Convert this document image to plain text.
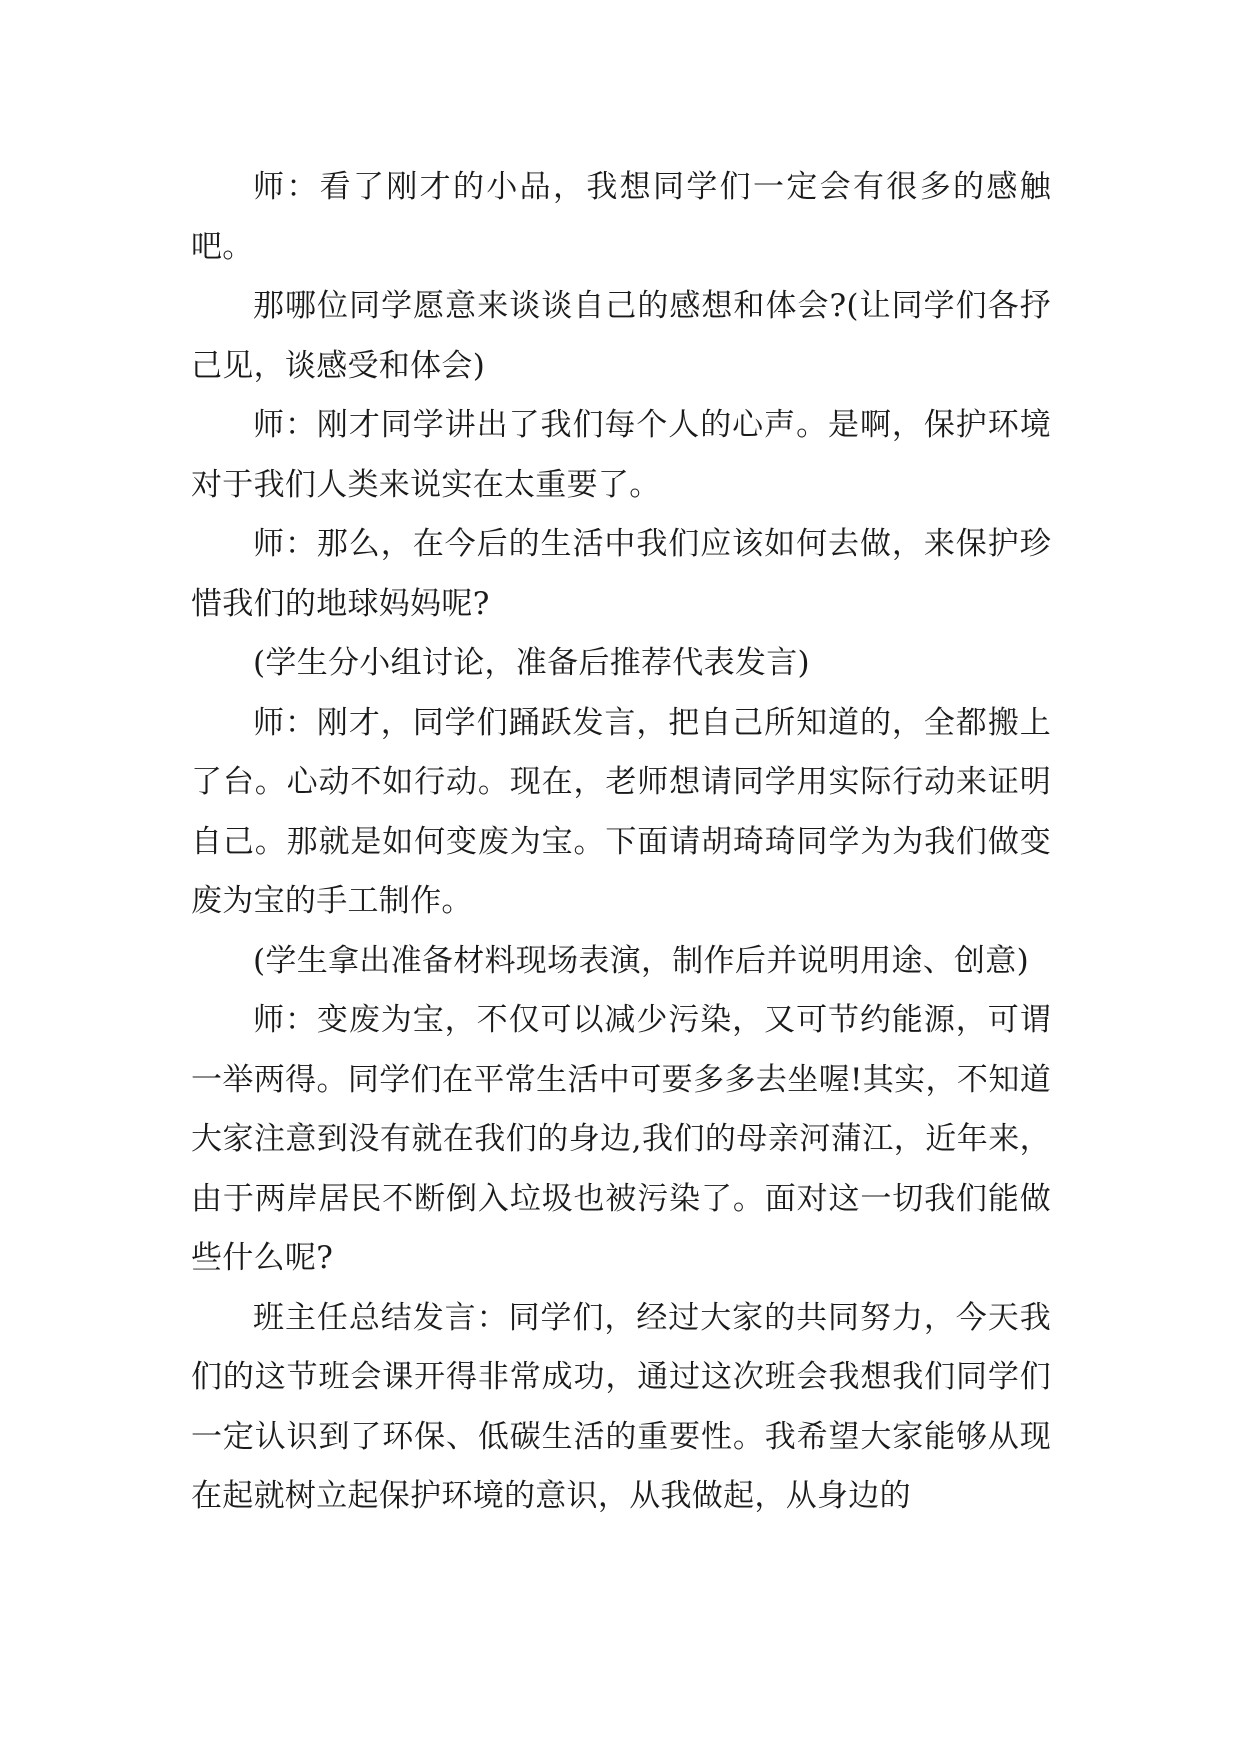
师：看了刚才的小品，我想同学们一定会有很多的感触吧。

那哪位同学愿意来谈谈自己的感想和体会?(让同学们各抒己见，谈感受和体会)

师：刚才同学讲出了我们每个人的心声。是啊，保护环境对于我们人类来说实在太重要了。

师：那么，在今后的生活中我们应该如何去做，来保护珍惜我们的地球妈妈呢?

(学生分小组讨论，准备后推荐代表发言)

师：刚才，同学们踊跃发言，把自己所知道的，全都搬上了台。心动不如行动。现在，老师想请同学用实际行动来证明自己。那就是如何变废为宝。下面请胡琦琦同学为为我们做变废为宝的手工制作。

(学生拿出准备材料现场表演，制作后并说明用途、创意)

师：变废为宝，不仅可以减少污染，又可节约能源，可谓一举两得。同学们在平常生活中可要多多去坐喔!其实，不知道大家注意到没有就在我们的身边,我们的母亲河蒲江，近年来，由于两岸居民不断倒入垃圾也被污染了。面对这一切我们能做些什么呢?

班主任总结发言：同学们，经过大家的共同努力，今天我们的这节班会课开得非常成功，通过这次班会我想我们同学们一定认识到了环保、低碳生活的重要性。我希望大家能够从现在起就树立起保护环境的意识，从我做起，从身边的
